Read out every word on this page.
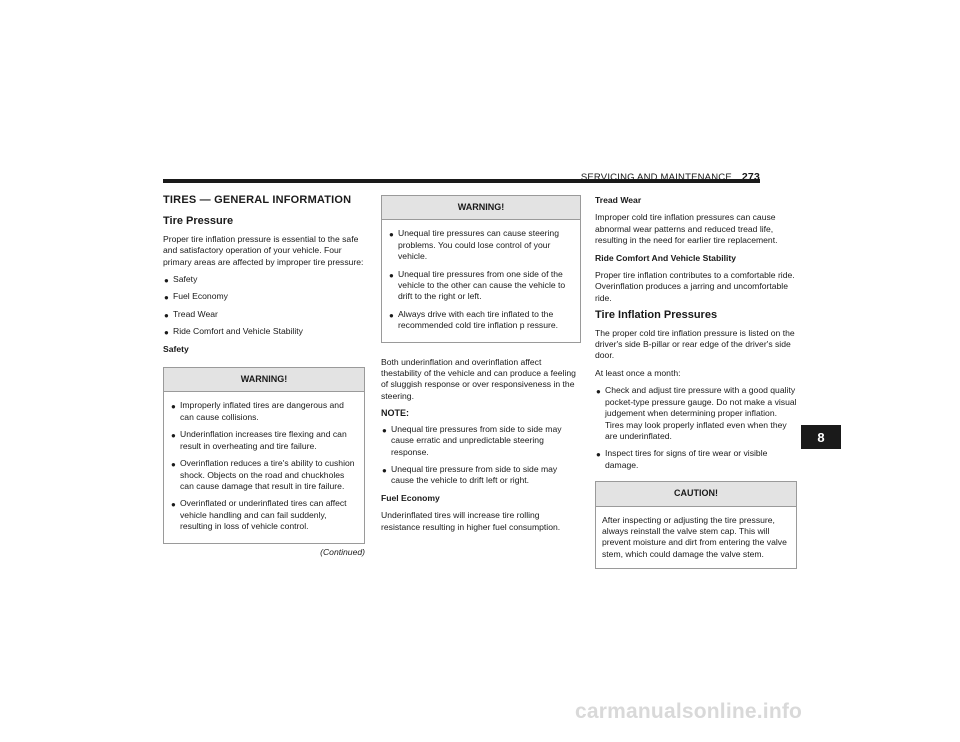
SERVICING AND MAINTENANCE 273
TIRES — GENERAL INFORMATION
Tire Pressure

Proper tire inflation pressure is essential to the safe and satisfactory operation of your vehicle. Four primary areas are affected by improper tire pressure:

● Safety
● Fuel Economy
● Tread Wear
● Ride Comfort and Vehicle Stability
Safety
WARNING!
● Improperly inflated tires are dangerous and can cause collisions.
● Underinflation increases tire flexing and can result in overheating and tire failure.
● Overinflation reduces a tire's ability to cushion shock. Objects on the road and chuckholes can cause damage that result in tire failure.
● Overinflated or underinflated tires can affect vehicle handling and can fail suddenly, resulting in loss of vehicle control.
(Continued)
WARNING!
● Unequal tire pressures can cause steering problems. You could lose control of your vehicle.
● Unequal tire pressures from one side of the vehicle to the other can cause the vehicle to drift to the right or left.
● Always drive with each tire inflated to the recommended cold tire inflation p ressure.

Both underinflation and overinflation affect thestability of the vehicle and can produce a feeling of sluggish response or over responsiveness in the steering.

NOTE:
● Unequal tire pressures from side to side may cause erratic and unpredictable steering response.
● Unequal tire pressure from side to side may cause the vehicle to drift left or right.
Fuel Economy

Underinflated tires will increase tire rolling resistance resulting in higher fuel consumption.

Tread Wear

Improper cold tire inflation pressures can cause abnormal wear patterns and reduced tread life, resulting in the need for earlier tire replacement.

Ride Comfort And Vehicle Stability

Proper tire inflation contributes to a comfortable ride. Overinflation produces a jarring and uncomfortable ride.

Tire Inflation Pressures

The proper cold tire inflation pressure is listed on the driver's side B-pillar or rear edge of the driver's side door.

At least once a month:

● Check and adjust tire pressure with a good quality pocket-type pressure gauge. Do not make a visual judgement when determining proper inflation. Tires may look properly inflated even when they are underinflated.
● Inspect tires for signs of tire wear or visible damage.
CAUTION!

After inspecting or adjusting the tire pressure, always reinstall the valve stem cap. This will prevent moisture and dirt from entering the valve stem, which could damage the valve stem.

8
carmanualsonline.info
